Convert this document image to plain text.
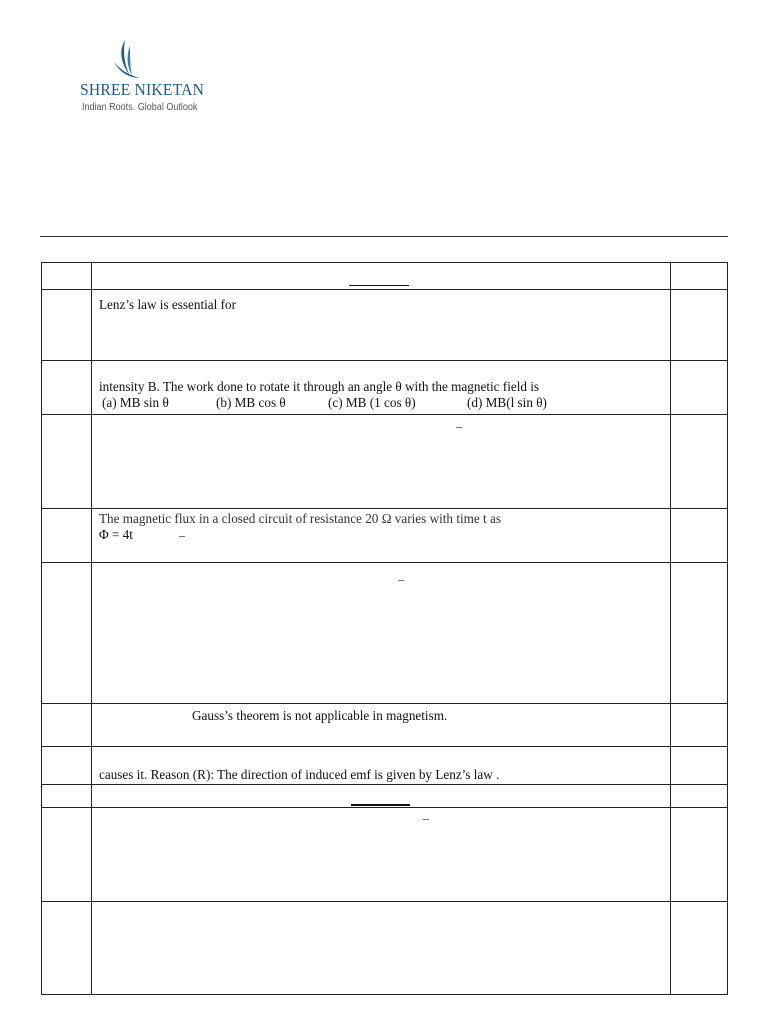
SHREE NIKETAN
Indian Roots. Global Outlook
Lenz’s law is essential for
intensity B. The work done to rotate it through an angle θ with the magnetic field is
(a) MB sin θ	(b) MB cos θ	(c) MB (1 cos θ)	(d) MB(l sin θ)
–
The magnetic flux in a closed circuit of resistance 20 Ω varies with time t as
Φ = 4t	–
–
Gauss’s theorem is not applicable in magnetism.
causes it. Reason (R): The direction of induced emf is given by Lenz’s law .
–
